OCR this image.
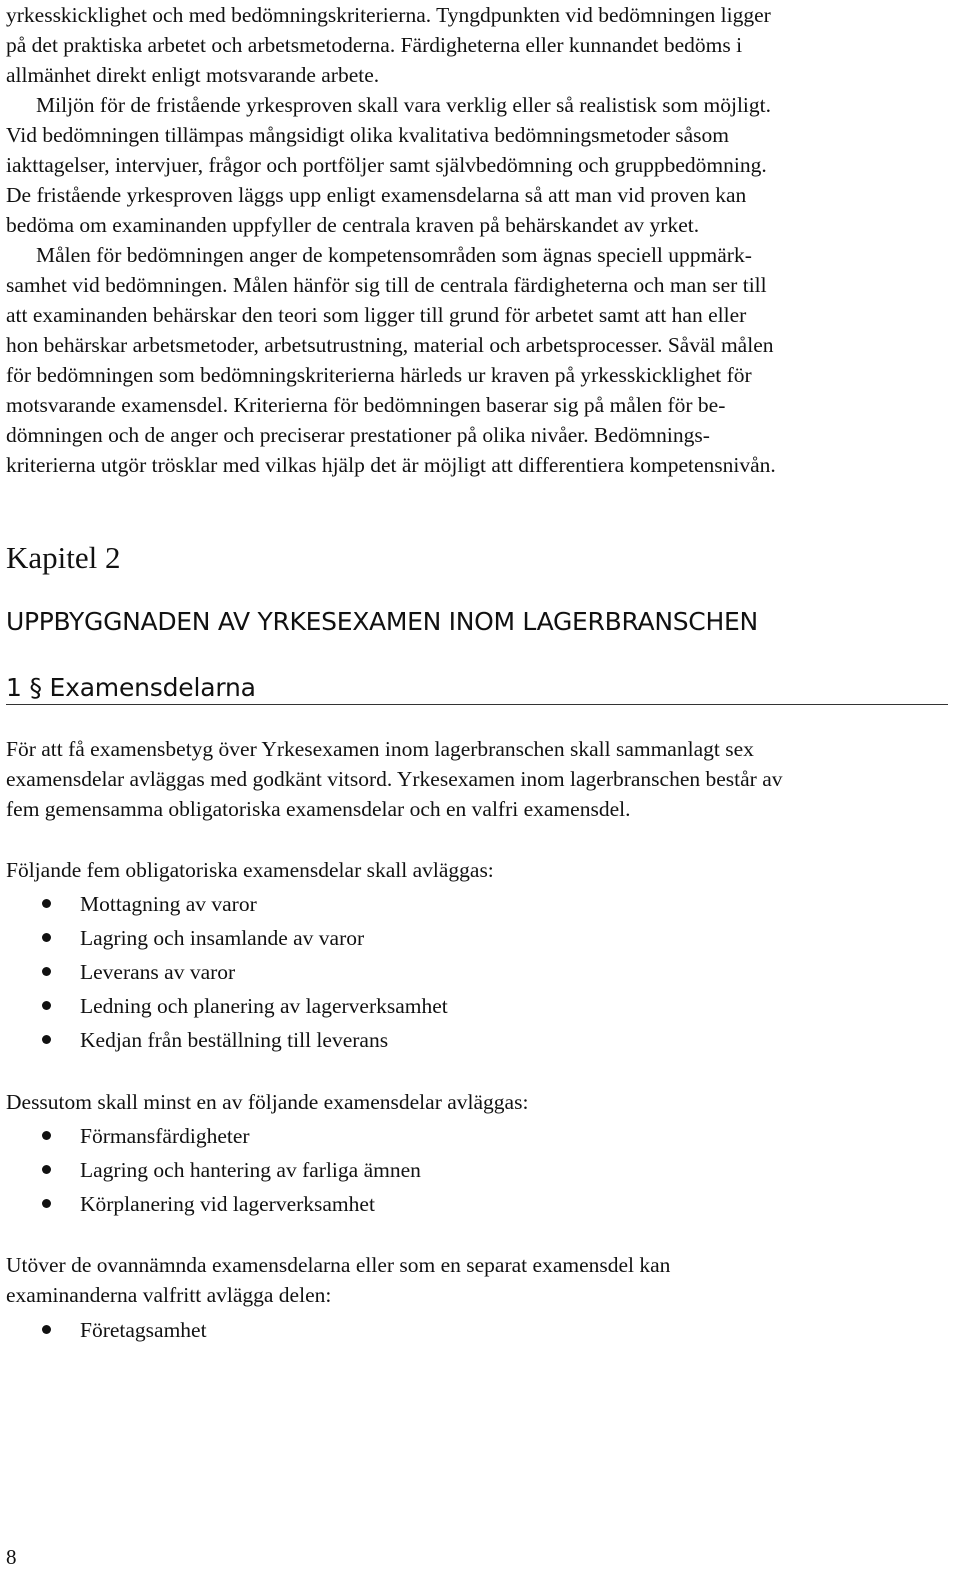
yrkesskicklighet och med bedömningskriterierna. Tyngdpunkten vid bedömningen ligger
på det praktiska arbetet och arbetsmetoderna. Färdigheterna eller kunnandet bedöms i
allmänhet direkt enligt motsvarande arbete.
Miljön för de fristående yrkesproven skall vara verklig eller så realistisk som möjligt.
Vid bedömningen tillämpas mångsidigt olika kvalitativa bedömningsmetoder såsom
iakttagelser, intervjuer, frågor och portföljer samt självbedömning och gruppbedömning.
De fristående yrkesproven läggs upp enligt examensdelarna så att man vid proven kan
bedöma om examinanden uppfyller de centrala kraven på behärskandet av yrket.
Målen för bedömningen anger de kompetensområden som ägnas speciell uppmärk-
samhet vid bedömningen. Målen hänför sig till de centrala färdigheterna och man ser till
att examinanden behärskar den teori som ligger till grund för arbetet samt att han eller
hon behärskar arbetsmetoder, arbetsutrustning, material och arbetsprocesser. Såväl målen
för bedömningen som bedömningskriterierna härleds ur kraven på yrkesskicklighet för
motsvarande examensdel. Kriterierna för bedömningen baserar sig på målen för be-
dömningen och de anger och preciserar prestationer på olika nivåer. Bedömnings-
kriterierna utgör trösklar med vilkas hjälp det är möjligt att differentiera kompetensnivån.
Kapitel 2
UPPBYGGNADEN AV YRKESEXAMEN INOM LAGERBRANSCHEN
1 § Examensdelarna
För att få examensbetyg över Yrkesexamen inom lagerbranschen skall sammanlagt sex
examensdelar avläggas med godkänt vitsord. Yrkesexamen inom lagerbranschen består av
fem gemensamma obligatoriska examensdelar och en valfri examensdel.
Följande fem obligatoriska examensdelar skall avläggas:
Mottagning av varor
Lagring och insamlande av varor
Leverans av varor
Ledning och planering av lagerverksamhet
Kedjan från beställning till leverans
Dessutom skall minst en av följande examensdelar avläggas:
Förmansfärdigheter
Lagring och hantering av farliga ämnen
Körplanering vid lagerverksamhet
Utöver de ovannämnda examensdelarna eller som en separat examensdel kan
examinanderna valfritt avlägga delen:
Företagsamhet
8
